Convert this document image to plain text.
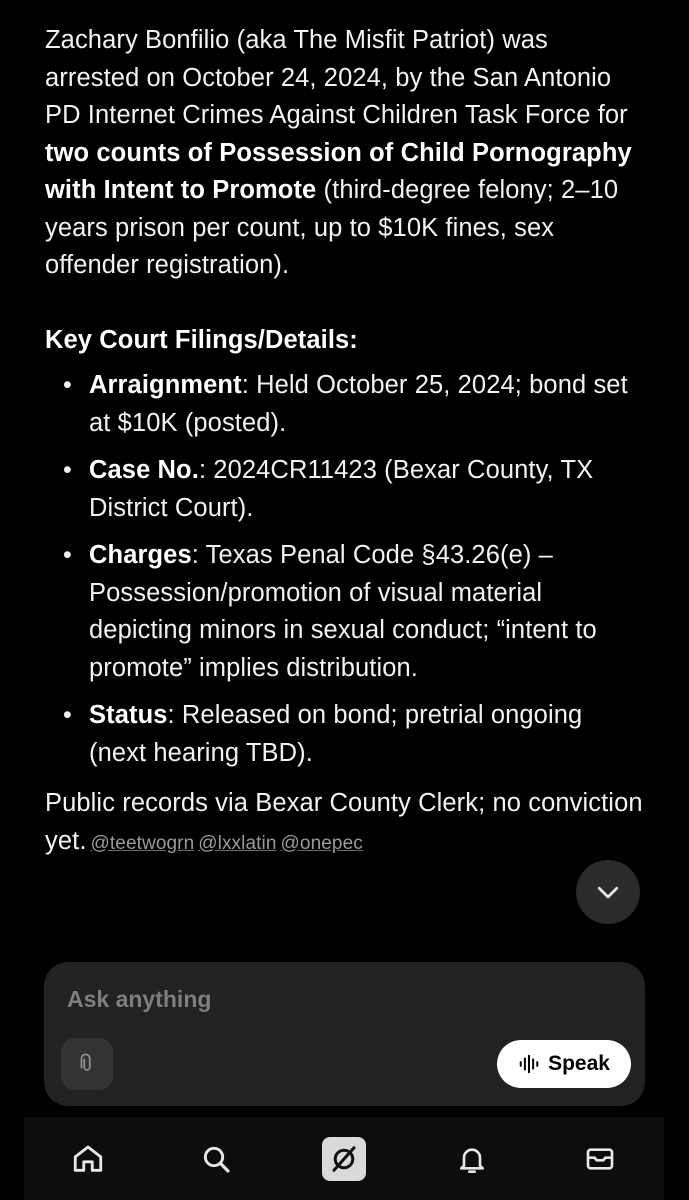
Zachary Bonfilio (aka The Misfit Patriot) was arrested on October 24, 2024, by the San Antonio PD Internet Crimes Against Children Task Force for two counts of Possession of Child Pornography with Intent to Promote (third-degree felony; 2–10 years prison per count, up to $10K fines, sex offender registration).

Key Court Filings/Details:

• Arraignment: Held October 25, 2024; bond set at $10K (posted).
• Case No.: 2024CR11423 (Bexar County, TX District Court).
• Charges: Texas Penal Code §43.26(e) – Possession/promotion of visual material depicting minors in sexual conduct; “intent to promote” implies distribution.
• Status: Released on bond; pretrial ongoing (next hearing TBD).

Public records via Bexar County Clerk; no conviction yet. @teetwogrn @lxxlatin @onepec

Ask anything
Speak
